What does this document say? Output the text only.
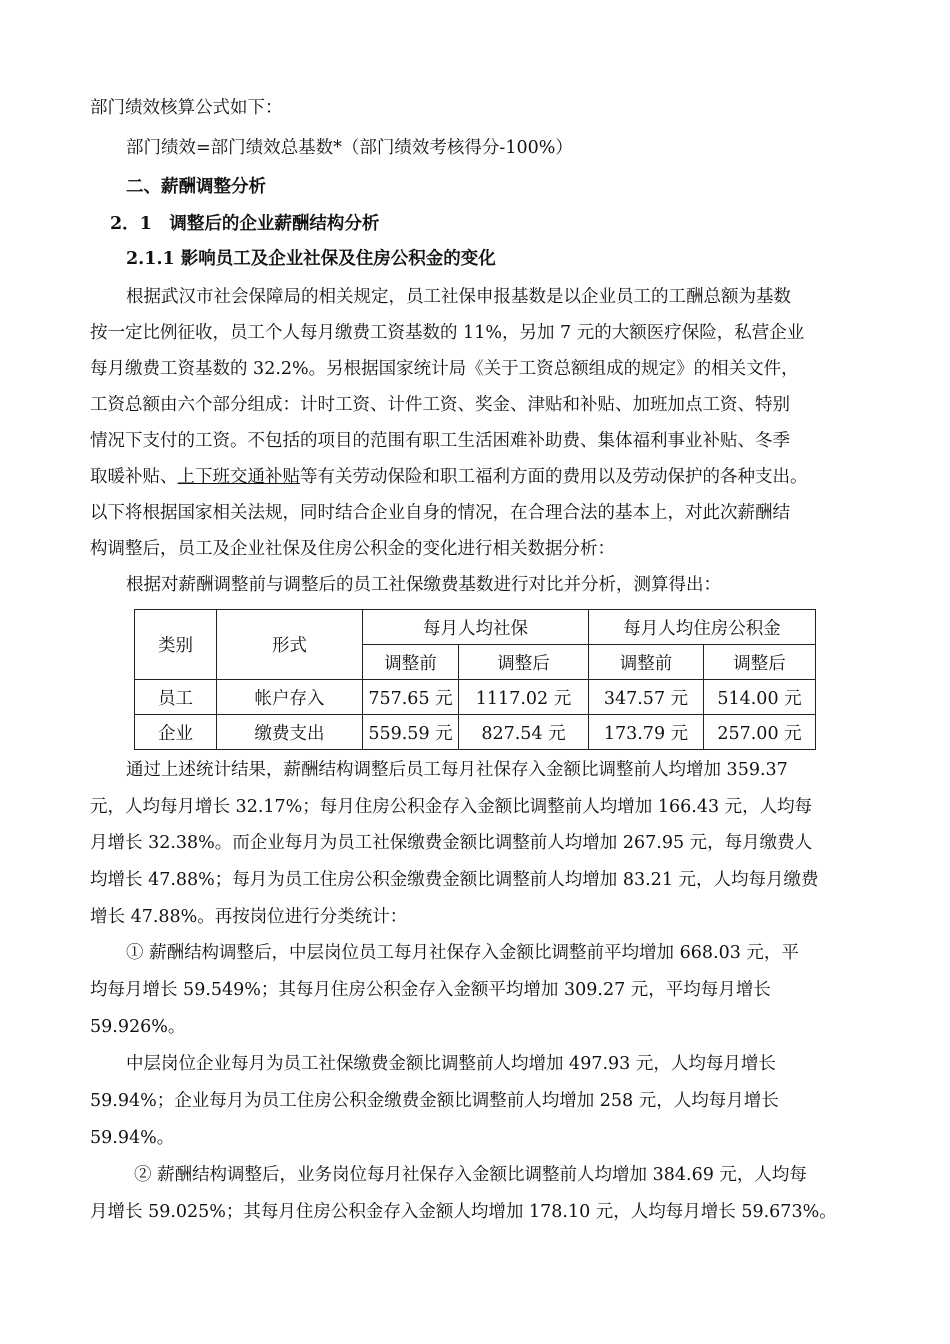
部门绩效核算公式如下：
部门绩效=部门绩效总基数*（部门绩效考核得分-100%）
二、薪酬调整分析
2．1　调整后的企业薪酬结构分析
2.1.1 影响员工及企业社保及住房公积金的变化
根据武汉市社会保障局的相关规定，员工社保申报基数是以企业员工的工酬总额为基数
按一定比例征收，员工个人每月缴费工资基数的 11%，另加 7 元的大额医疗保险，私营企业
每月缴费工资基数的 32.2%。另根据国家统计局《关于工资总额组成的规定》的相关文件，
工资总额由六个部分组成：计时工资、计件工资、奖金、津贴和补贴、加班加点工资、特别
情况下支付的工资。不包括的项目的范围有职工生活困难补助费、集体福利事业补贴、冬季
取暖补贴、上下班交通补贴等有关劳动保险和职工福利方面的费用以及劳动保护的各种支出。
以下将根据国家相关法规，同时结合企业自身的情况，在合理合法的基本上，对此次薪酬结
构调整后，员工及企业社保及住房公积金的变化进行相关数据分析：
根据对薪酬调整前与调整后的员工社保缴费基数进行对比并分析，测算得出：
类别	形式	每月人均社保		每月人均住房公积金	
		调整前	调整后	调整前	调整后
员工	帐户存入	757.65 元	1117.02 元	347.57 元	514.00 元
企业	缴费支出	559.59 元	827.54 元	173.79 元	257.00 元
通过上述统计结果，薪酬结构调整后员工每月社保存入金额比调整前人均增加 359.37
元，人均每月增长 32.17%；每月住房公积金存入金额比调整前人均增加 166.43 元，人均每
月增长 32.38%。而企业每月为员工社保缴费金额比调整前人均增加 267.95 元，每月缴费人
均增长 47.88%；每月为员工住房公积金缴费金额比调整前人均增加 83.21 元，人均每月缴费
增长 47.88%。再按岗位进行分类统计：
① 薪酬结构调整后，中层岗位员工每月社保存入金额比调整前平均增加 668.03 元，平
均每月增长 59.549%；其每月住房公积金存入金额平均增加 309.27 元，平均每月增长
59.926%。
中层岗位企业每月为员工社保缴费金额比调整前人均增加 497.93 元，人均每月增长
59.94%；企业每月为员工住房公积金缴费金额比调整前人均增加 258 元，人均每月增长
59.94%。
② 薪酬结构调整后，业务岗位每月社保存入金额比调整前人均增加 384.69 元，人均每
月增长 59.025%；其每月住房公积金存入金额人均增加 178.10 元，人均每月增长 59.673%。
